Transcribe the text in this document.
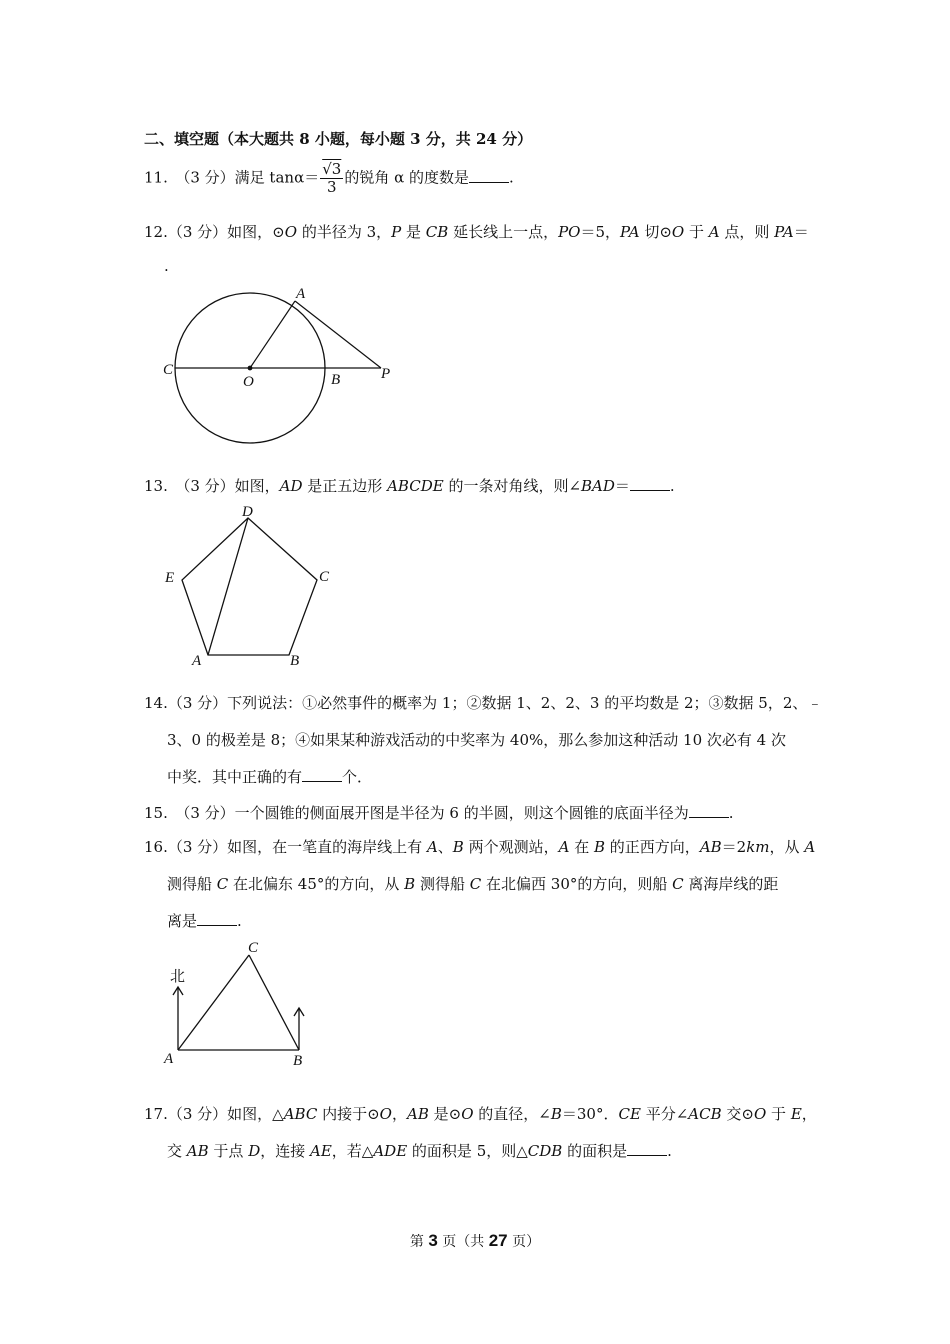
二、填空题（本大题共 8 小题，每小题 3 分，共 24 分）
11.　（3 分）满足 $\tan\alpha= \frac{√3}{3}$ 的锐角 α 的度数是	.
12.（3 分）如图，⊙O 的半径为 3，P 是 CB 延长线上一点，PO＝5，PA 切⊙O 于 A 点，则 PA＝
.
A
C
O	B	P
13.　（3 分）如图，AD 是正五边形 ABCDE 的一条对角线，则∠BAD＝	.
D
E	C
A	B
14.（3 分）下列说法：①必然事件的概率为 1；②数据 1、2、2、3 的平均数是 2；③数据 5，2、﹣
3、0 的极差是 8；④如果某种游戏活动的中奖率为 40%，那么参加这种活动 10 次必有 4 次
中奖．其中正确的有	个．
15.　（3 分）一个圆锥的侧面展开图是半径为 6 的半圆，则这个圆锥的底面半径为	.
16.（3 分）如图，在一笔直的海岸线上有 A、B 两个观测站，A 在 B 的正西方向，AB＝2km，从 A
测得船 C 在北偏东 45°的方向，从 B 测得船 C 在北偏西 30°的方向，则船 C 离海岸线的距
离是	.
北
C
A	B
17.（3 分）如图，△ABC 内接于⊙O，AB 是⊙O 的直径，∠B＝30°．CE 平分∠ACB 交⊙O 于 E，
交 AB 于点 D，连接 AE，若△ADE 的面积是 5，则△CDB 的面积是	.
第 3 页（共 27 页）
